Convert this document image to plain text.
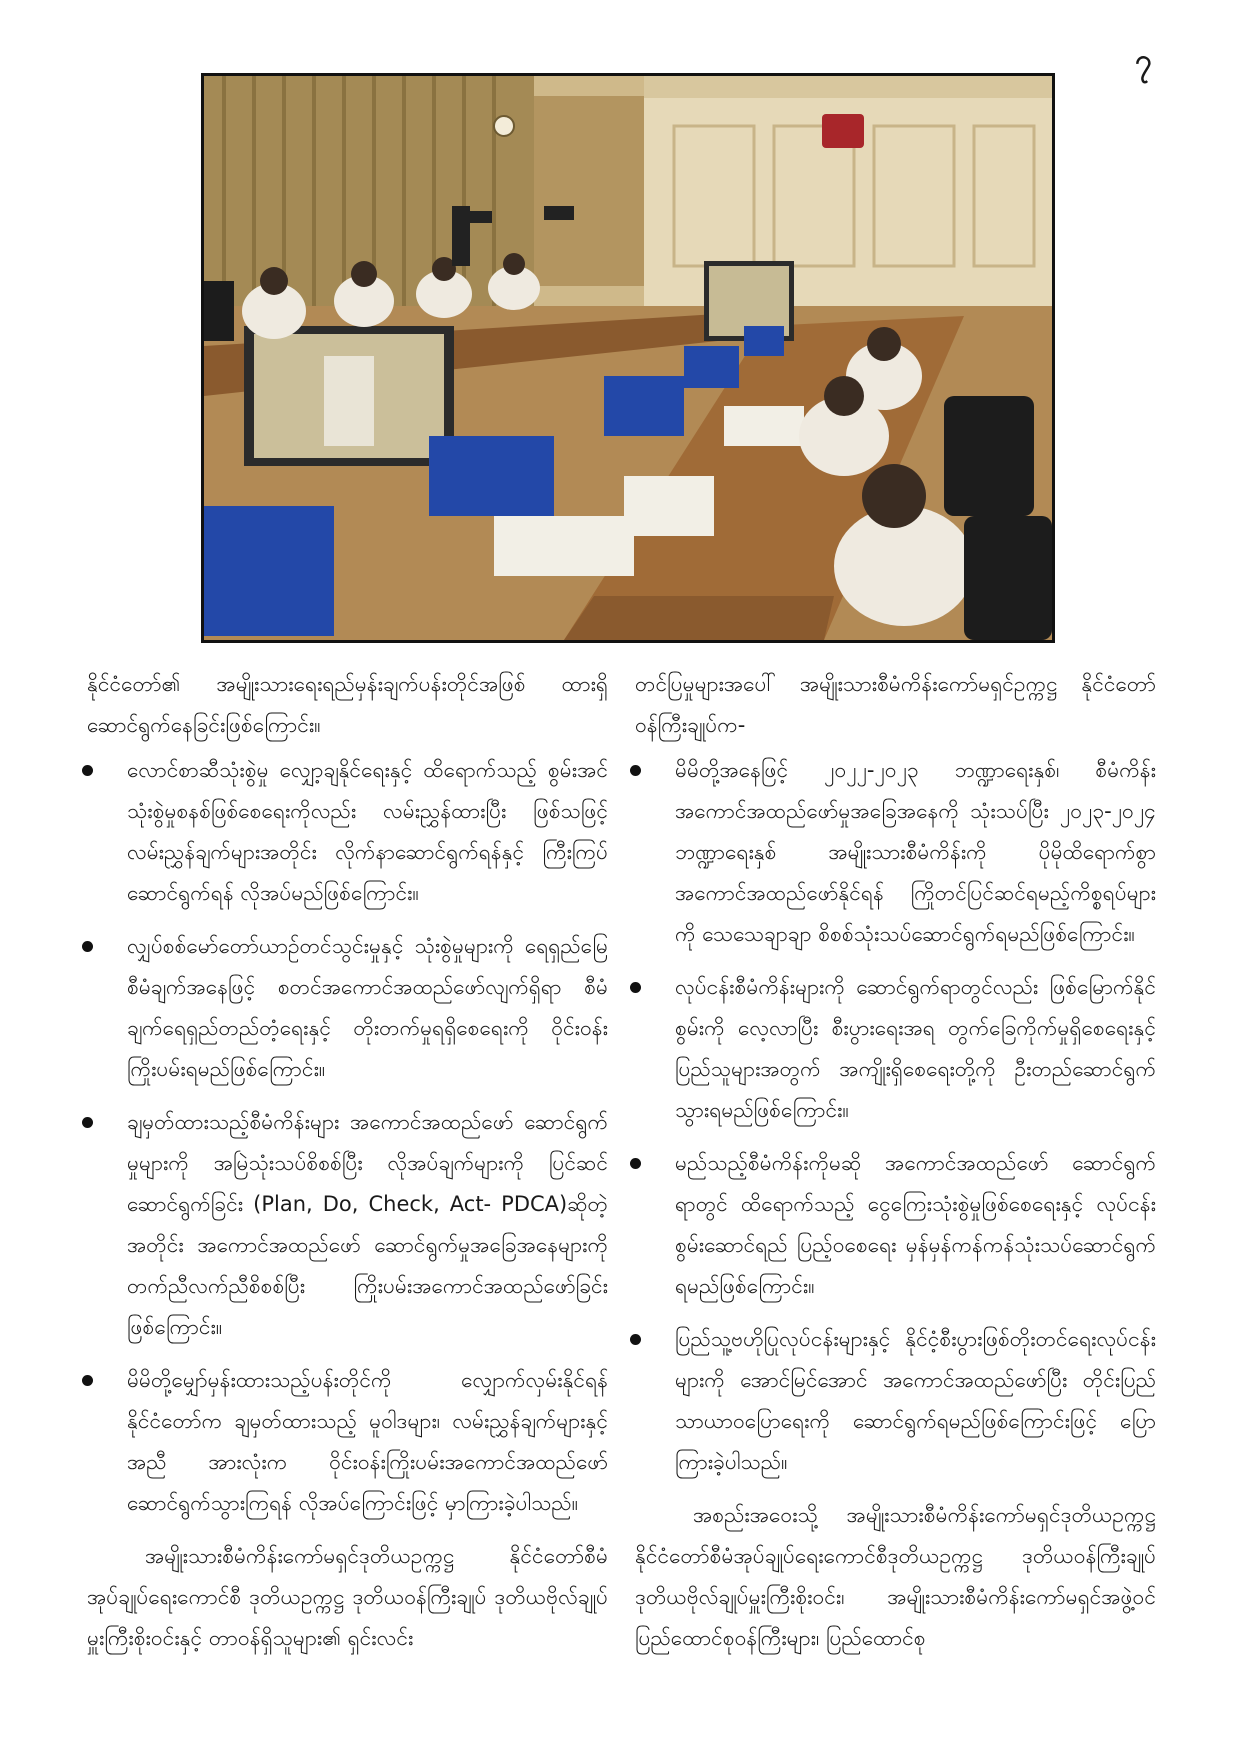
၇

နိုင်ငံတော်၏ အမျိုးသားရေးရည်မှန်းချက်ပန်းတိုင်အဖြစ် ထားရှိဆောင်ရွက်နေခြင်းဖြစ်ကြောင်း။

လောင်စာဆီသုံးစွဲမှု လျှော့ချနိုင်ရေးနှင့် ထိရောက်သည့် စွမ်းအင်သုံးစွဲမှုစနစ်ဖြစ်စေရေးကိုလည်း လမ်းညွှန်ထားပြီး ဖြစ်သဖြင့် လမ်းညွှန်ချက်များအတိုင်း လိုက်နာဆောင်ရွက်ရန်နှင့် ကြီးကြပ်ဆောင်ရွက်ရန် လိုအပ်မည်ဖြစ်ကြောင်း။
လျှပ်စစ်မော်တော်ယာဉ်တင်သွင်းမှုနှင့် သုံးစွဲမှုများကို ရေရှည်မြေစီမံချက်အနေဖြင့် စတင်အကောင်အထည်ဖော်လျက်ရှိရာ စီမံချက်ရေရှည်တည်တံ့ရေးနှင့် တိုးတက်မှုရရှိစေရေးကို ဝိုင်းဝန်းကြိုးပမ်းရမည်ဖြစ်ကြောင်း။
ချမှတ်ထားသည့်စီမံကိန်းများ အကောင်အထည်ဖော် ဆောင်ရွက်မှုများကို အမြဲသုံးသပ်စိစစ်ပြီး လိုအပ်ချက်များကို ပြင်ဆင်ဆောင်ရွက်ခြင်း (Plan, Do, Check, Act- PDCA)ဆိုတဲ့အတိုင်း အကောင်အထည်ဖော် ဆောင်ရွက်မှုအခြေအနေများကို တက်ညီလက်ညီစိစစ်ပြီး ကြိုးပမ်းအကောင်အထည်ဖော်ခြင်းဖြစ်ကြောင်း။
မိမိတို့မျှော်မှန်းထားသည့်ပန်းတိုင်ကို လျှောက်လှမ်းနိုင်ရန် နိုင်ငံတော်က ချမှတ်ထားသည့် မူဝါဒများ၊ လမ်းညွှန်ချက်များနှင့်အညီ အားလုံးက ဝိုင်းဝန်းကြိုးပမ်းအကောင်အထည်ဖော် ဆောင်ရွက်သွားကြရန် လိုအပ်ကြောင်းဖြင့် မှာကြားခဲ့ပါသည်။

အမျိုးသားစီမံကိန်းကော်မရှင်ဒုတိယဥက္ကဋ္ဌ နိုင်ငံတော်စီမံအုပ်ချုပ်ရေးကောင်စီ ဒုတိယဥက္ကဋ္ဌ ဒုတိယဝန်ကြီးချုပ် ဒုတိယဗိုလ်ချုပ်မှူးကြီးစိုးဝင်းနှင့် တာဝန်ရှိသူများ၏ ရှင်းလင်း

တင်ပြမှုများအပေါ် အမျိုးသားစီမံကိန်းကော်မရှင်ဥက္ကဋ္ဌ နိုင်ငံတော်ဝန်ကြီးချုပ်က-

မိမိတို့အနေဖြင့် ၂၀၂၂-၂၀၂၃ ဘဏ္ဍာရေးနှစ်၊ စီမံကိန်းအကောင်အထည်ဖော်မှုအခြေအနေကို သုံးသပ်ပြီး ၂၀၂၃-၂၀၂၄ ဘဏ္ဍာရေးနှစ် အမျိုးသားစီမံကိန်းကို ပိုမိုထိရောက်စွာ အကောင်အထည်ဖော်နိုင်ရန် ကြိုတင်ပြင်ဆင်ရမည့်ကိစ္စရပ်များကို သေသေချာချာ စိစစ်သုံးသပ်ဆောင်ရွက်ရမည်ဖြစ်ကြောင်း။
လုပ်ငန်းစီမံကိန်းများကို ဆောင်ရွက်ရာတွင်လည်း ဖြစ်မြောက်နိုင်စွမ်းကို လေ့လာပြီး စီးပွားရေးအရ တွက်ခြေကိုက်မှုရှိစေရေးနှင့် ပြည်သူများအတွက် အကျိုးရှိစေရေးတို့ကို ဦးတည်ဆောင်ရွက်သွားရမည်ဖြစ်ကြောင်း။
မည်သည့်စီမံကိန်းကိုမဆို အကောင်အထည်ဖော် ဆောင်ရွက်ရာတွင် ထိရောက်သည့် ငွေကြေးသုံးစွဲမှုဖြစ်စေရေးနှင့် လုပ်ငန်းစွမ်းဆောင်ရည် ပြည့်ဝစေရေး မှန်မှန်ကန်ကန်သုံးသပ်ဆောင်ရွက်ရမည်ဖြစ်ကြောင်း။
ပြည်သူ့ဗဟိုပြုလုပ်ငန်းများနှင့် နိုင်ငံ့စီးပွားဖြစ်တိုးတင်ရေးလုပ်ငန်းများကို အောင်မြင်အောင် အကောင်အထည်ဖော်ပြီး တိုင်းပြည်သာယာဝပြောရေးကို ဆောင်ရွက်ရမည်ဖြစ်ကြောင်းဖြင့် ပြောကြားခဲ့ပါသည်။

အစည်းအဝေးသို့ အမျိုးသားစီမံကိန်းကော်မရှင်ဒုတိယဥက္ကဋ္ဌ နိုင်ငံတော်စီမံအုပ်ချုပ်ရေးကောင်စီဒုတိယဥက္ကဋ္ဌ ဒုတိယဝန်ကြီးချုပ် ဒုတိယဗိုလ်ချုပ်မှူးကြီးစိုးဝင်း၊ အမျိုးသားစီမံကိန်းကော်မရှင်အဖွဲ့ဝင် ပြည်ထောင်စုဝန်ကြီးများ၊ ပြည်ထောင်စု
